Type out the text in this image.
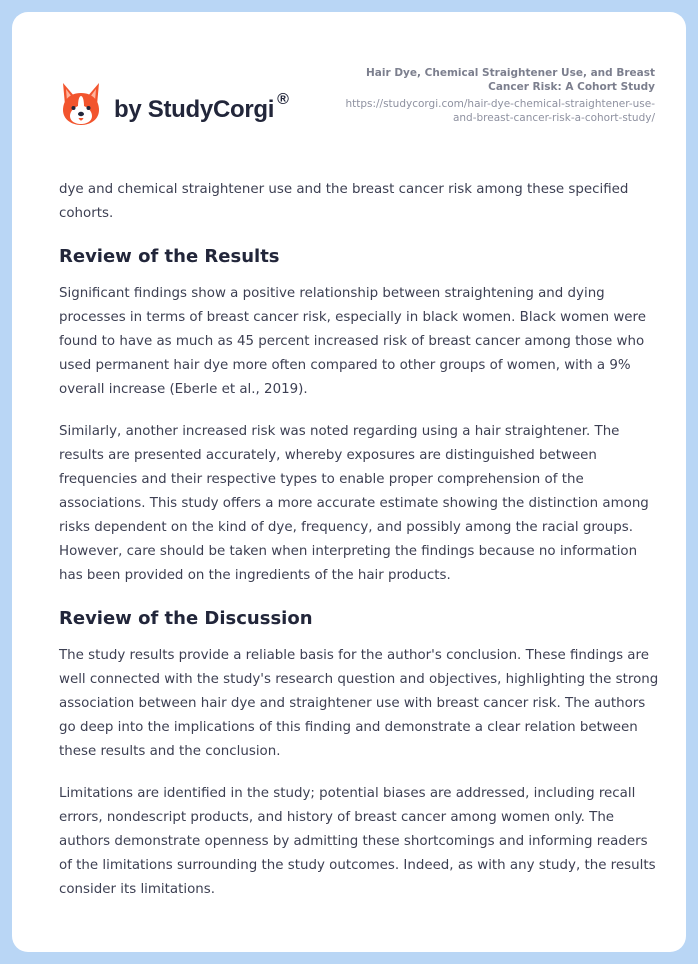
by StudyCorgi ®
Hair Dye, Chemical Straightener Use, and Breast Cancer Risk: A Cohort Study
https://studycorgi.com/hair-dye-chemical-straightener-use-and-breast-cancer-risk-a-cohort-study/

dye and chemical straightener use and the breast cancer risk among these specified cohorts.

Review of the Results

Significant findings show a positive relationship between straightening and dying processes in terms of breast cancer risk, especially in black women. Black women were found to have as much as 45 percent increased risk of breast cancer among those who used permanent hair dye more often compared to other groups of women, with a 9% overall increase (Eberle et al., 2019).

Similarly, another increased risk was noted regarding using a hair straightener. The results are presented accurately, whereby exposures are distinguished between frequencies and their respective types to enable proper comprehension of the associations. This study offers a more accurate estimate showing the distinction among risks dependent on the kind of dye, frequency, and possibly among the racial groups. However, care should be taken when interpreting the findings because no information has been provided on the ingredients of the hair products.

Review of the Discussion

The study results provide a reliable basis for the author's conclusion. These findings are well connected with the study's research question and objectives, highlighting the strong association between hair dye and straightener use with breast cancer risk. The authors go deep into the implications of this finding and demonstrate a clear relation between these results and the conclusion.

Limitations are identified in the study; potential biases are addressed, including recall errors, nondescript products, and history of breast cancer among women only. The authors demonstrate openness by admitting these shortcomings and informing readers of the limitations surrounding the study outcomes. Indeed, as with any study, the results consider its limitations.
